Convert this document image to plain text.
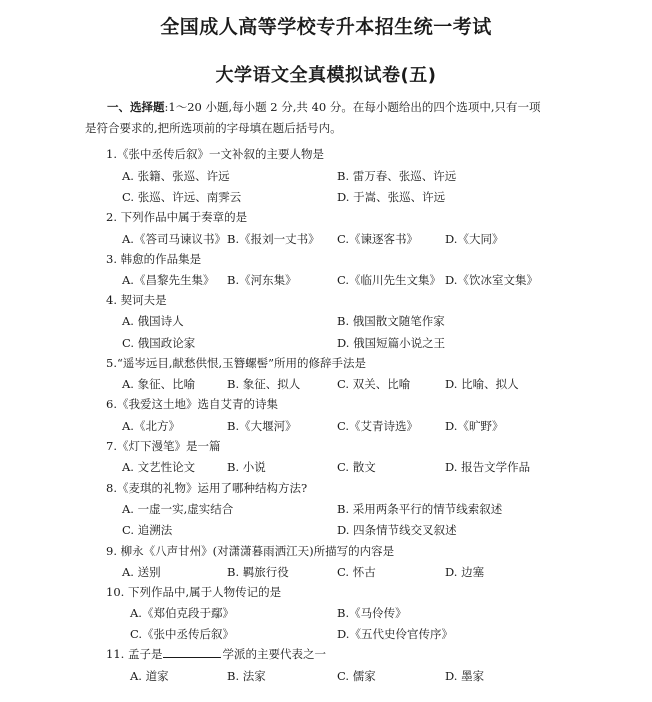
全国成人高等学校专升本招生统一考试
大学语文全真模拟试卷(五)
一、选择题:1～20 小题,每小题 2 分,共 40 分。在每小题给出的四个选项中,只有一项
是符合要求的,把所选项前的字母填在题后括号内。
1.《张中丞传后叙》一文补叙的主要人物是
A. 张籍、张巡、许远	B. 雷万春、张巡、许远
C. 张巡、许远、南霁云	D. 于嵩、张巡、许远
2. 下列作品中属于奏章的是
A.《答司马谏议书》 B.《报刘一丈书》 C.《谏逐客书》 D.《大同》
3. 韩愈的作品集是
A.《昌黎先生集》 B.《河东集》	C.《临川先生文集》 D.《饮冰室文集》
4. 契诃夫是
A. 俄国诗人	B. 俄国散文随笔作家
C. 俄国政论家	D. 俄国短篇小说之王
5.“遥岑远目,献愁供恨,玉簪螺髻”所用的修辞手法是
A. 象征、比喻	B. 象征、拟人	C. 双关、比喻	D. 比喻、拟人
6.《我爱这土地》选自艾青的诗集
A.《北方》	B.《大堰河》	C.《艾青诗选》 D.《旷野》
7.《灯下漫笔》是一篇
A. 文艺性论文	B. 小说	C. 散文	D. 报告文学作品
8.《麦琪的礼物》运用了哪种结构方法?
A. 一虚一实,虚实结合	B. 采用两条平行的情节线索叙述
C. 追溯法	D. 四条情节线交叉叙述
9. 柳永《八声甘州》(对潇潇暮雨洒江天)所描写的内容是
A. 送别	B. 羁旅行役	C. 怀古	D. 边塞
10. 下列作品中,属于人物传记的是
A.《郑伯克段于鄢》	B.《马伶传》
C.《张中丞传后叙》	D.《五代史伶官传序》
11. 孟子是	学派的主要代表之一
A. 道家	B. 法家	C. 儒家	D. 墨家
